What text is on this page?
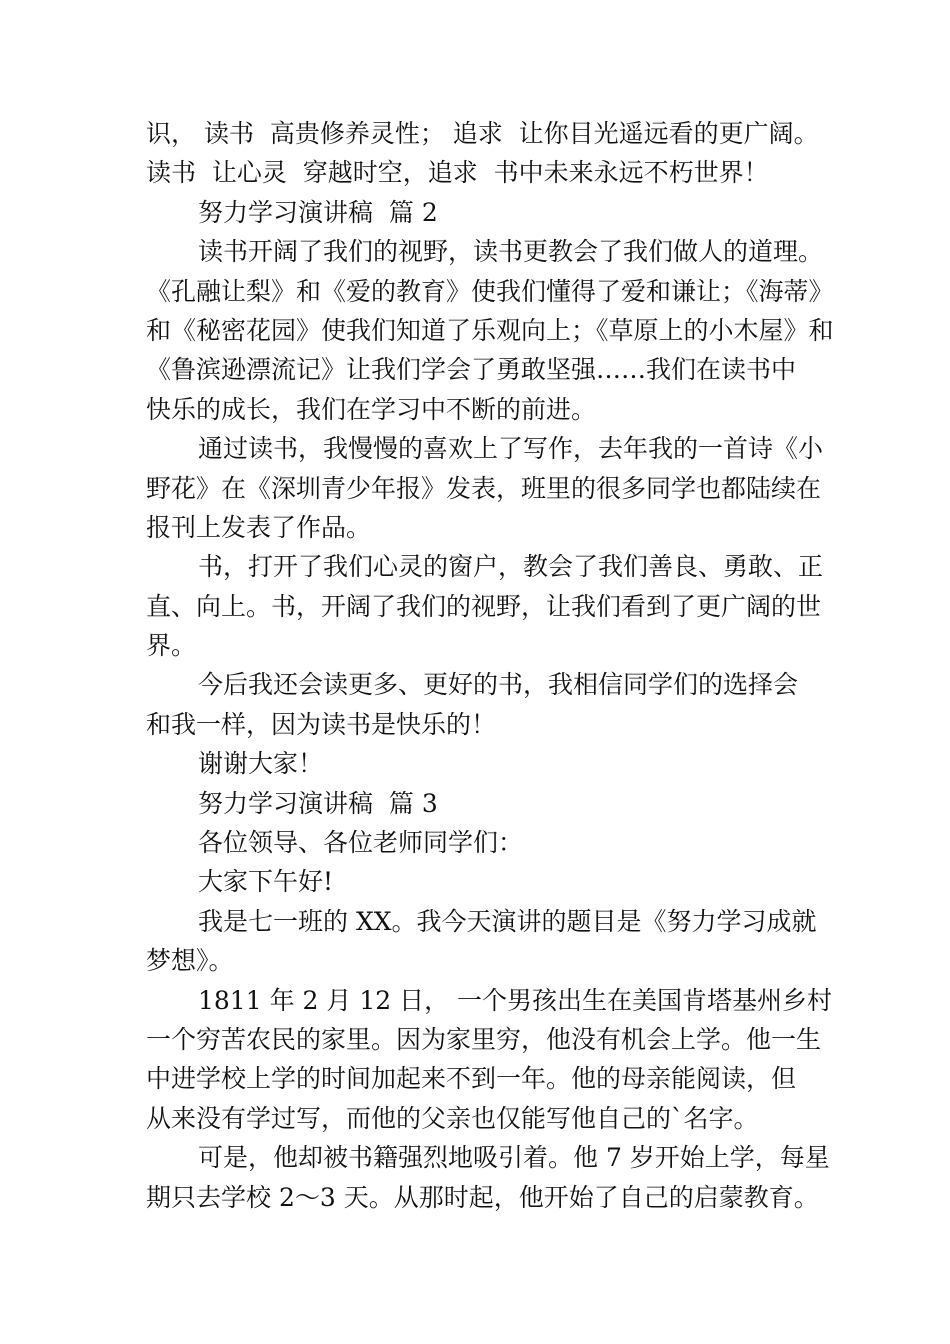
识， 读书  高贵修养灵性； 追求  让你目光遥远看的更广阔。
读书  让心灵  穿越时空，追求  书中未来永远不朽世界！
努力学习演讲稿  篇 2
读书开阔了我们的视野，读书更教会了我们做人的道理。
《孔融让梨》和《爱的教育》使我们懂得了爱和谦让；《海蒂》
和《秘密花园》使我们知道了乐观向上；《草原上的小木屋》和
《鲁滨逊漂流记》让我们学会了勇敢坚强……我们在读书中
快乐的成长，我们在学习中不断的前进。
通过读书，我慢慢的喜欢上了写作，去年我的一首诗《小
野花》在《深圳青少年报》发表，班里的很多同学也都陆续在
报刊上发表了作品。
书，打开了我们心灵的窗户，教会了我们善良、勇敢、正
直、向上。书，开阔了我们的视野，让我们看到了更广阔的世
界。
今后我还会读更多、更好的书，我相信同学们的选择会
和我一样，因为读书是快乐的！
谢谢大家！
努力学习演讲稿  篇 3
各位领导、各位老师同学们：
大家下午好!
我是七一班的 XX。我今天演讲的题目是《努力学习成就
梦想》。
1811 年 2 月 12 日， 一个男孩出生在美国肯塔基州乡村
一个穷苦农民的家里。因为家里穷，他没有机会上学。他一生
中进学校上学的时间加起来不到一年。他的母亲能阅读，但
从来没有学过写，而他的父亲也仅能写他自己的`名字。
可是，他却被书籍强烈地吸引着。他 7 岁开始上学，每星
期只去学校 2～3 天。从那时起，他开始了自己的启蒙教育。
